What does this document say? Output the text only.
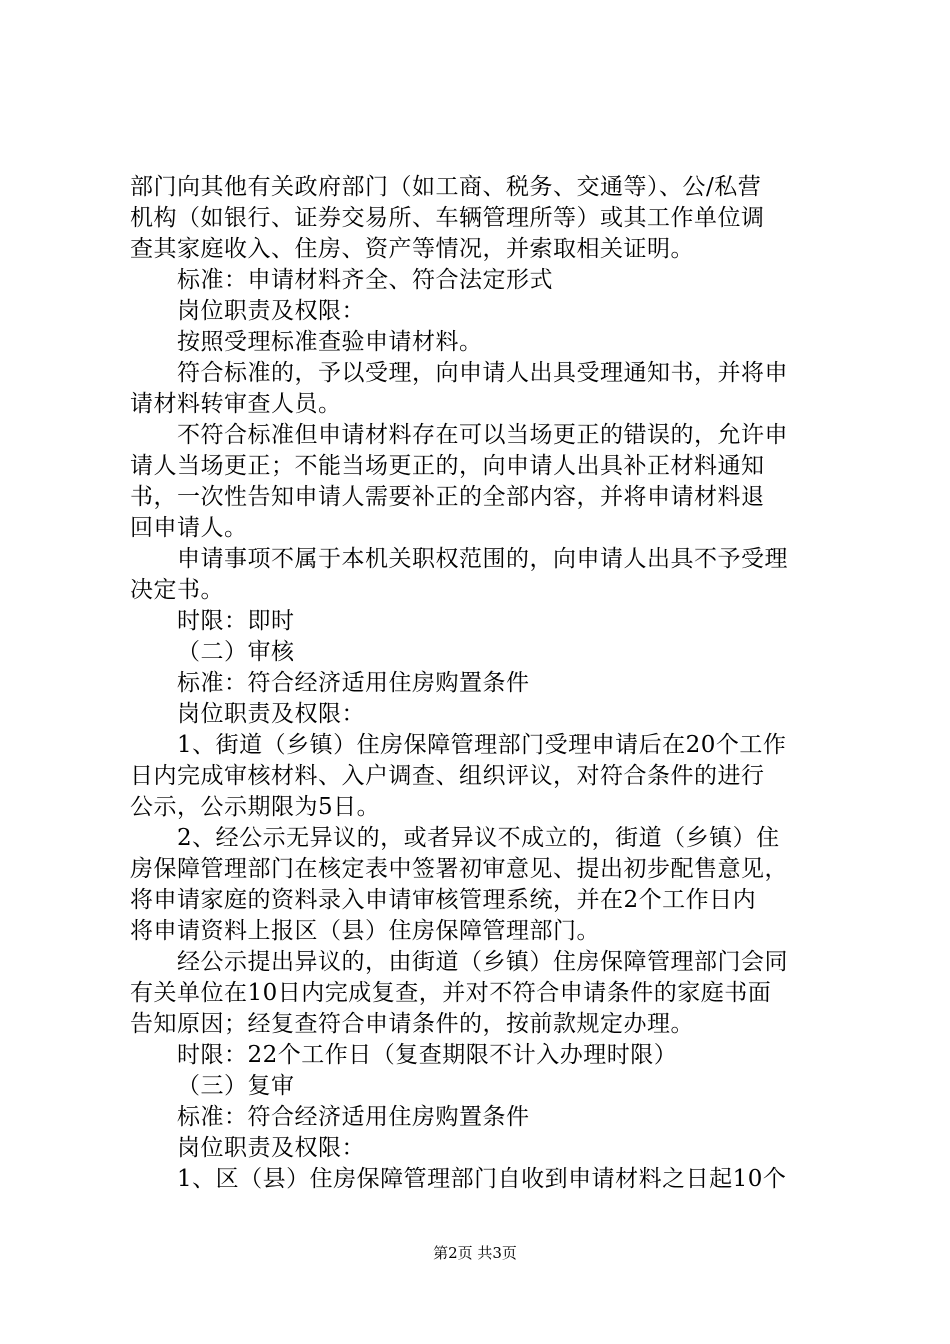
部门向其他有关政府部门（如工商、税务、交通等）、公/私营
机构（如银行、证券交易所、车辆管理所等）或其工作单位调
查其家庭收入、住房、资产等情况，并索取相关证明。
标准：申请材料齐全、符合法定形式
岗位职责及权限：
按照受理标准查验申请材料。
符合标准的，予以受理，向申请人出具受理通知书，并将申
请材料转审查人员。
不符合标准但申请材料存在可以当场更正的错误的，允许申
请人当场更正；不能当场更正的，向申请人出具补正材料通知
书，一次性告知申请人需要补正的全部内容，并将申请材料退
回申请人。
申请事项不属于本机关职权范围的，向申请人出具不予受理
决定书。
时限：即时
（二）审核
标准：符合经济适用住房购置条件
岗位职责及权限：
1、街道（乡镇）住房保障管理部门受理申请后在20个工作
日内完成审核材料、入户调查、组织评议，对符合条件的进行
公示，公示期限为5日。
2、经公示无异议的，或者异议不成立的，街道（乡镇）住
房保障管理部门在核定表中签署初审意见、提出初步配售意见，
将申请家庭的资料录入申请审核管理系统，并在2个工作日内
将申请资料上报区（县）住房保障管理部门。
经公示提出异议的，由街道（乡镇）住房保障管理部门会同
有关单位在10日内完成复查，并对不符合申请条件的家庭书面
告知原因；经复查符合申请条件的，按前款规定办理。
时限：22个工作日（复查期限不计入办理时限）
（三）复审
标准：符合经济适用住房购置条件
岗位职责及权限：
1、区（县）住房保障管理部门自收到申请材料之日起10个
第2页 共3页
